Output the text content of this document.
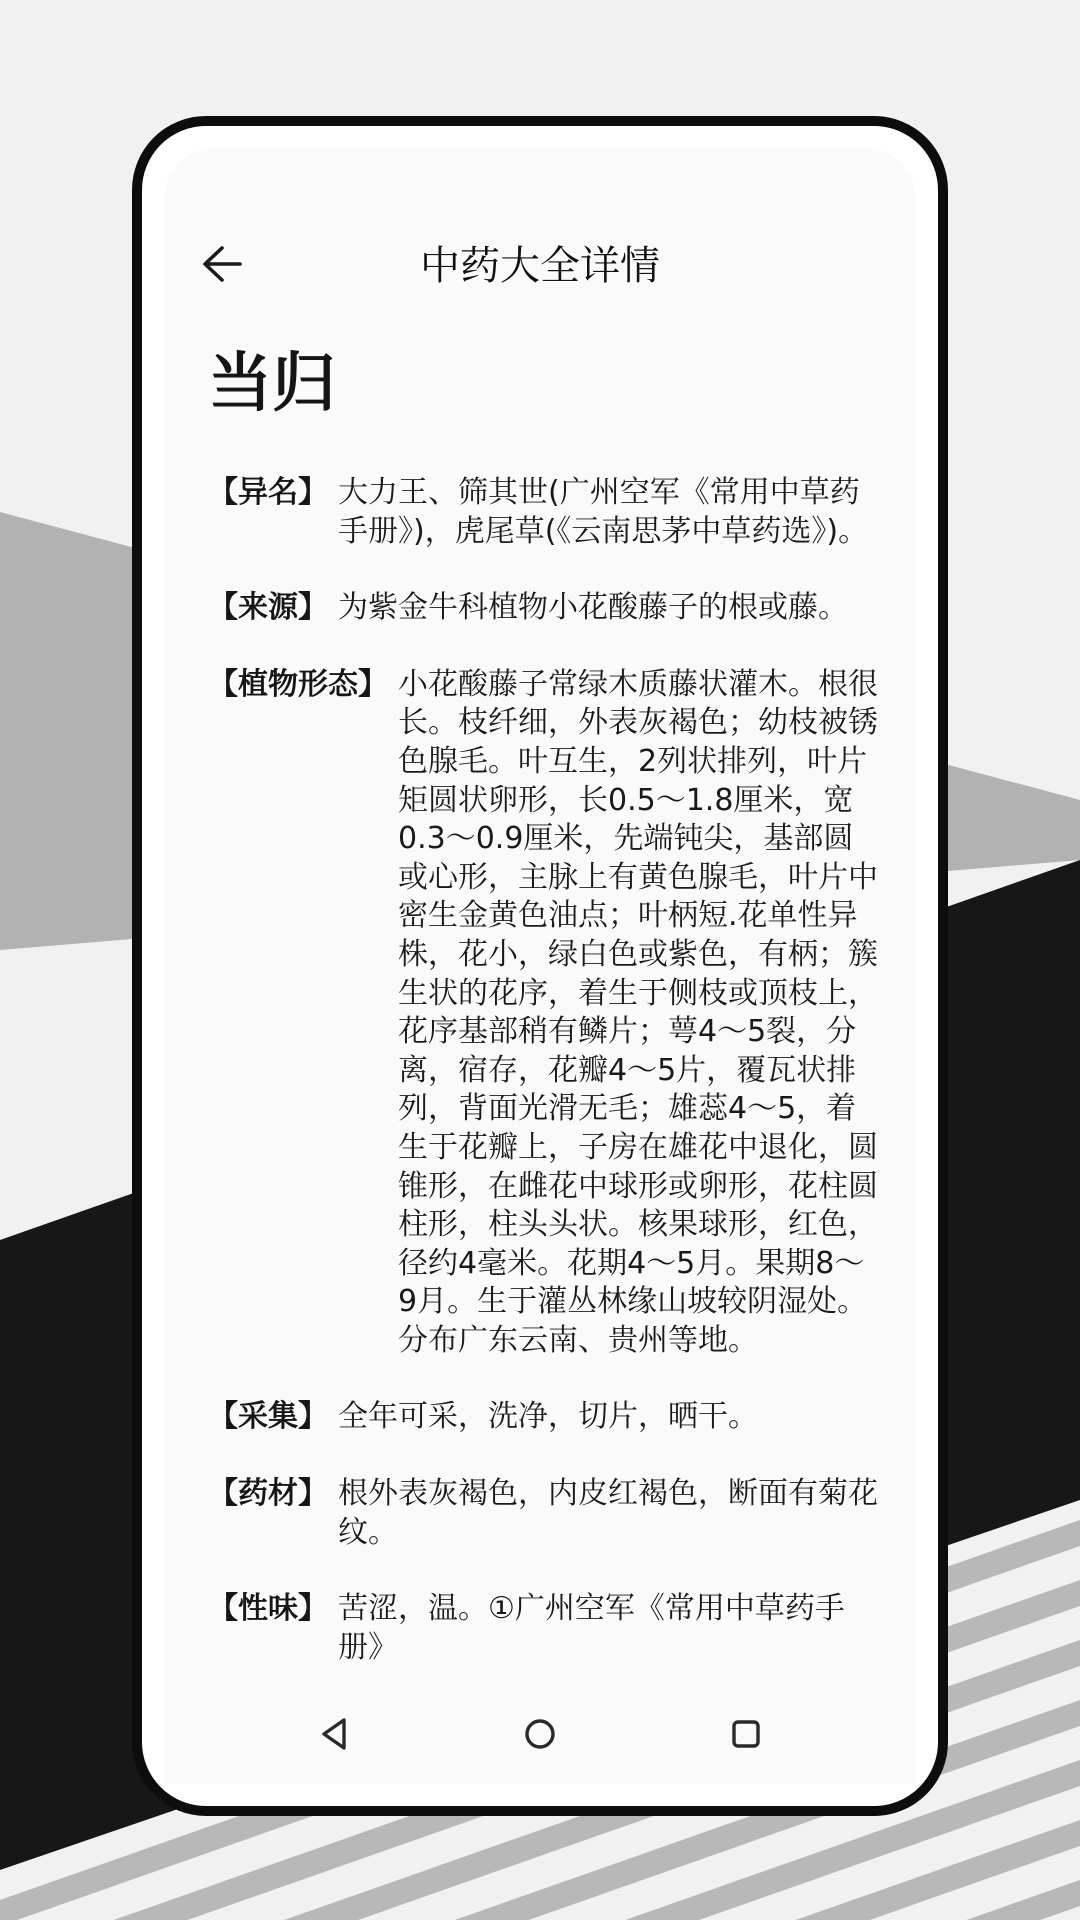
中药大全详情
当归
【异名】 大力王、筛其世(广州空军《常用中草药手册》)，虎尾草(《云南思茅中草药选》)。
【来源】 为紫金牛科植物小花酸藤子的根或藤。
【植物形态】 小花酸藤子常绿木质藤状灌木。根很长。枝纤细，外表灰褐色；幼枝被锈色腺毛。叶互生，2列状排列，叶片矩圆状卵形，长0.5～1.8厘米，宽0.3～0.9厘米，先端钝尖，基部圆或心形，主脉上有黄色腺毛，叶片中密生金黄色油点；叶柄短.花单性异株，花小，绿白色或紫色，有柄；簇生状的花序，着生于侧枝或顶枝上，花序基部稍有鳞片；萼4～5裂，分离，宿存，花瓣4～5片，覆瓦状排列，背面光滑无毛；雄蕊4～5，着生于花瓣上，子房在雄花中退化，圆锥形，在雌花中球形或卵形，花柱圆柱形，柱头头状。核果球形，红色，径约4毫米。花期4～5月。果期8～9月。生于灌丛林缘山坡较阴湿处。分布广东云南、贵州等地。
【采集】 全年可采，洗净，切片，晒干。
【药材】 根外表灰褐色，内皮红褐色，断面有菊花纹。
【性味】 苦涩，温。①广州空军《常用中草药手册》
